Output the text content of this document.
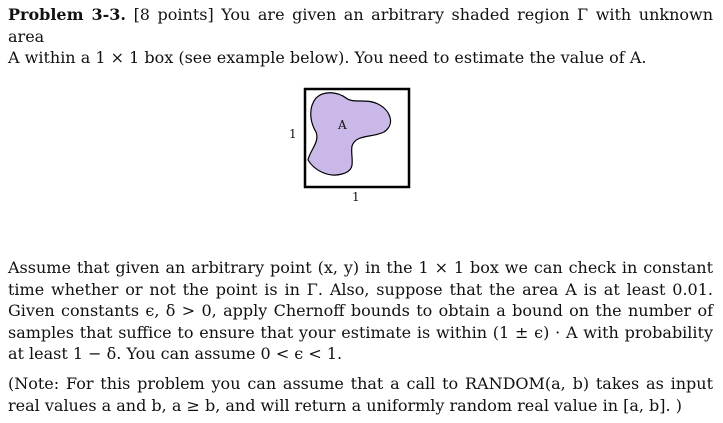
Problem 3-3. [8 points] You are given an arbitrary shaded region Γ with unknown area
A within a 1 × 1 box (see example below). You need to estimate the value of A.
1
A
1
Assume that given an arbitrary point (x, y) in the 1 × 1 box we can check in constant time whether or not the point is in Γ. Also, suppose that the area A is at least 0.01. Given constants ϵ, δ > 0, apply Chernoff bounds to obtain a bound on the number of samples that suffice to ensure that your estimate is within (1 ± ϵ) · A with probability at least 1 − δ. You can assume 0 < ϵ < 1.
(Note: For this problem you can assume that a call to RANDOM(a, b) takes as input real values a and b, a ≥ b, and will return a uniformly random real value in [a, b]. )
